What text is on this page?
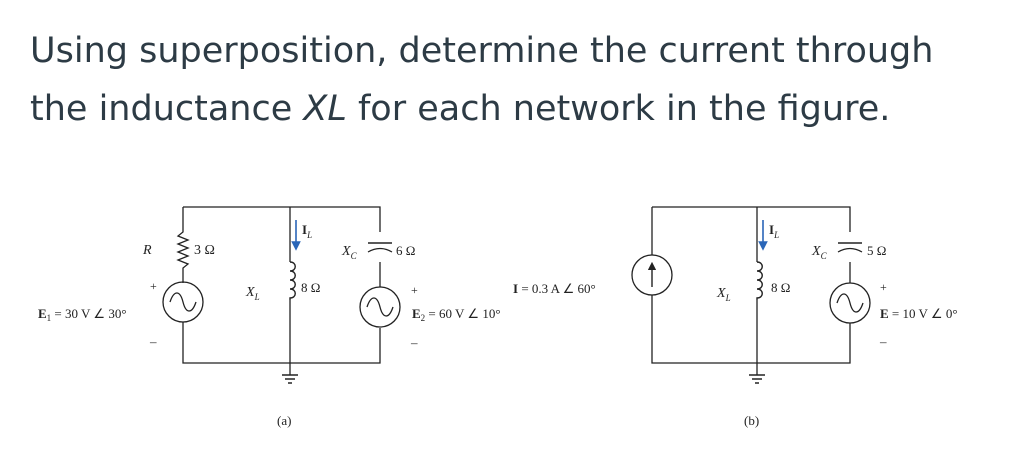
Using superposition, determine the current through
the inductance XL for each network in the figure.
R	3 Ω
+
$E_1 = 30$ V ∠ 30°
–
$X_L$
8 Ω
$I_L$
$X_C$	6 Ω
+
$E_2 = 60$ V ∠ 10°
–
(a)
I = 0.3 A ∠ 60°	$X_L$
8 Ω
$I_L$
$X_C$	5 Ω
+
E = 10 V ∠ 0°
–
(b)
